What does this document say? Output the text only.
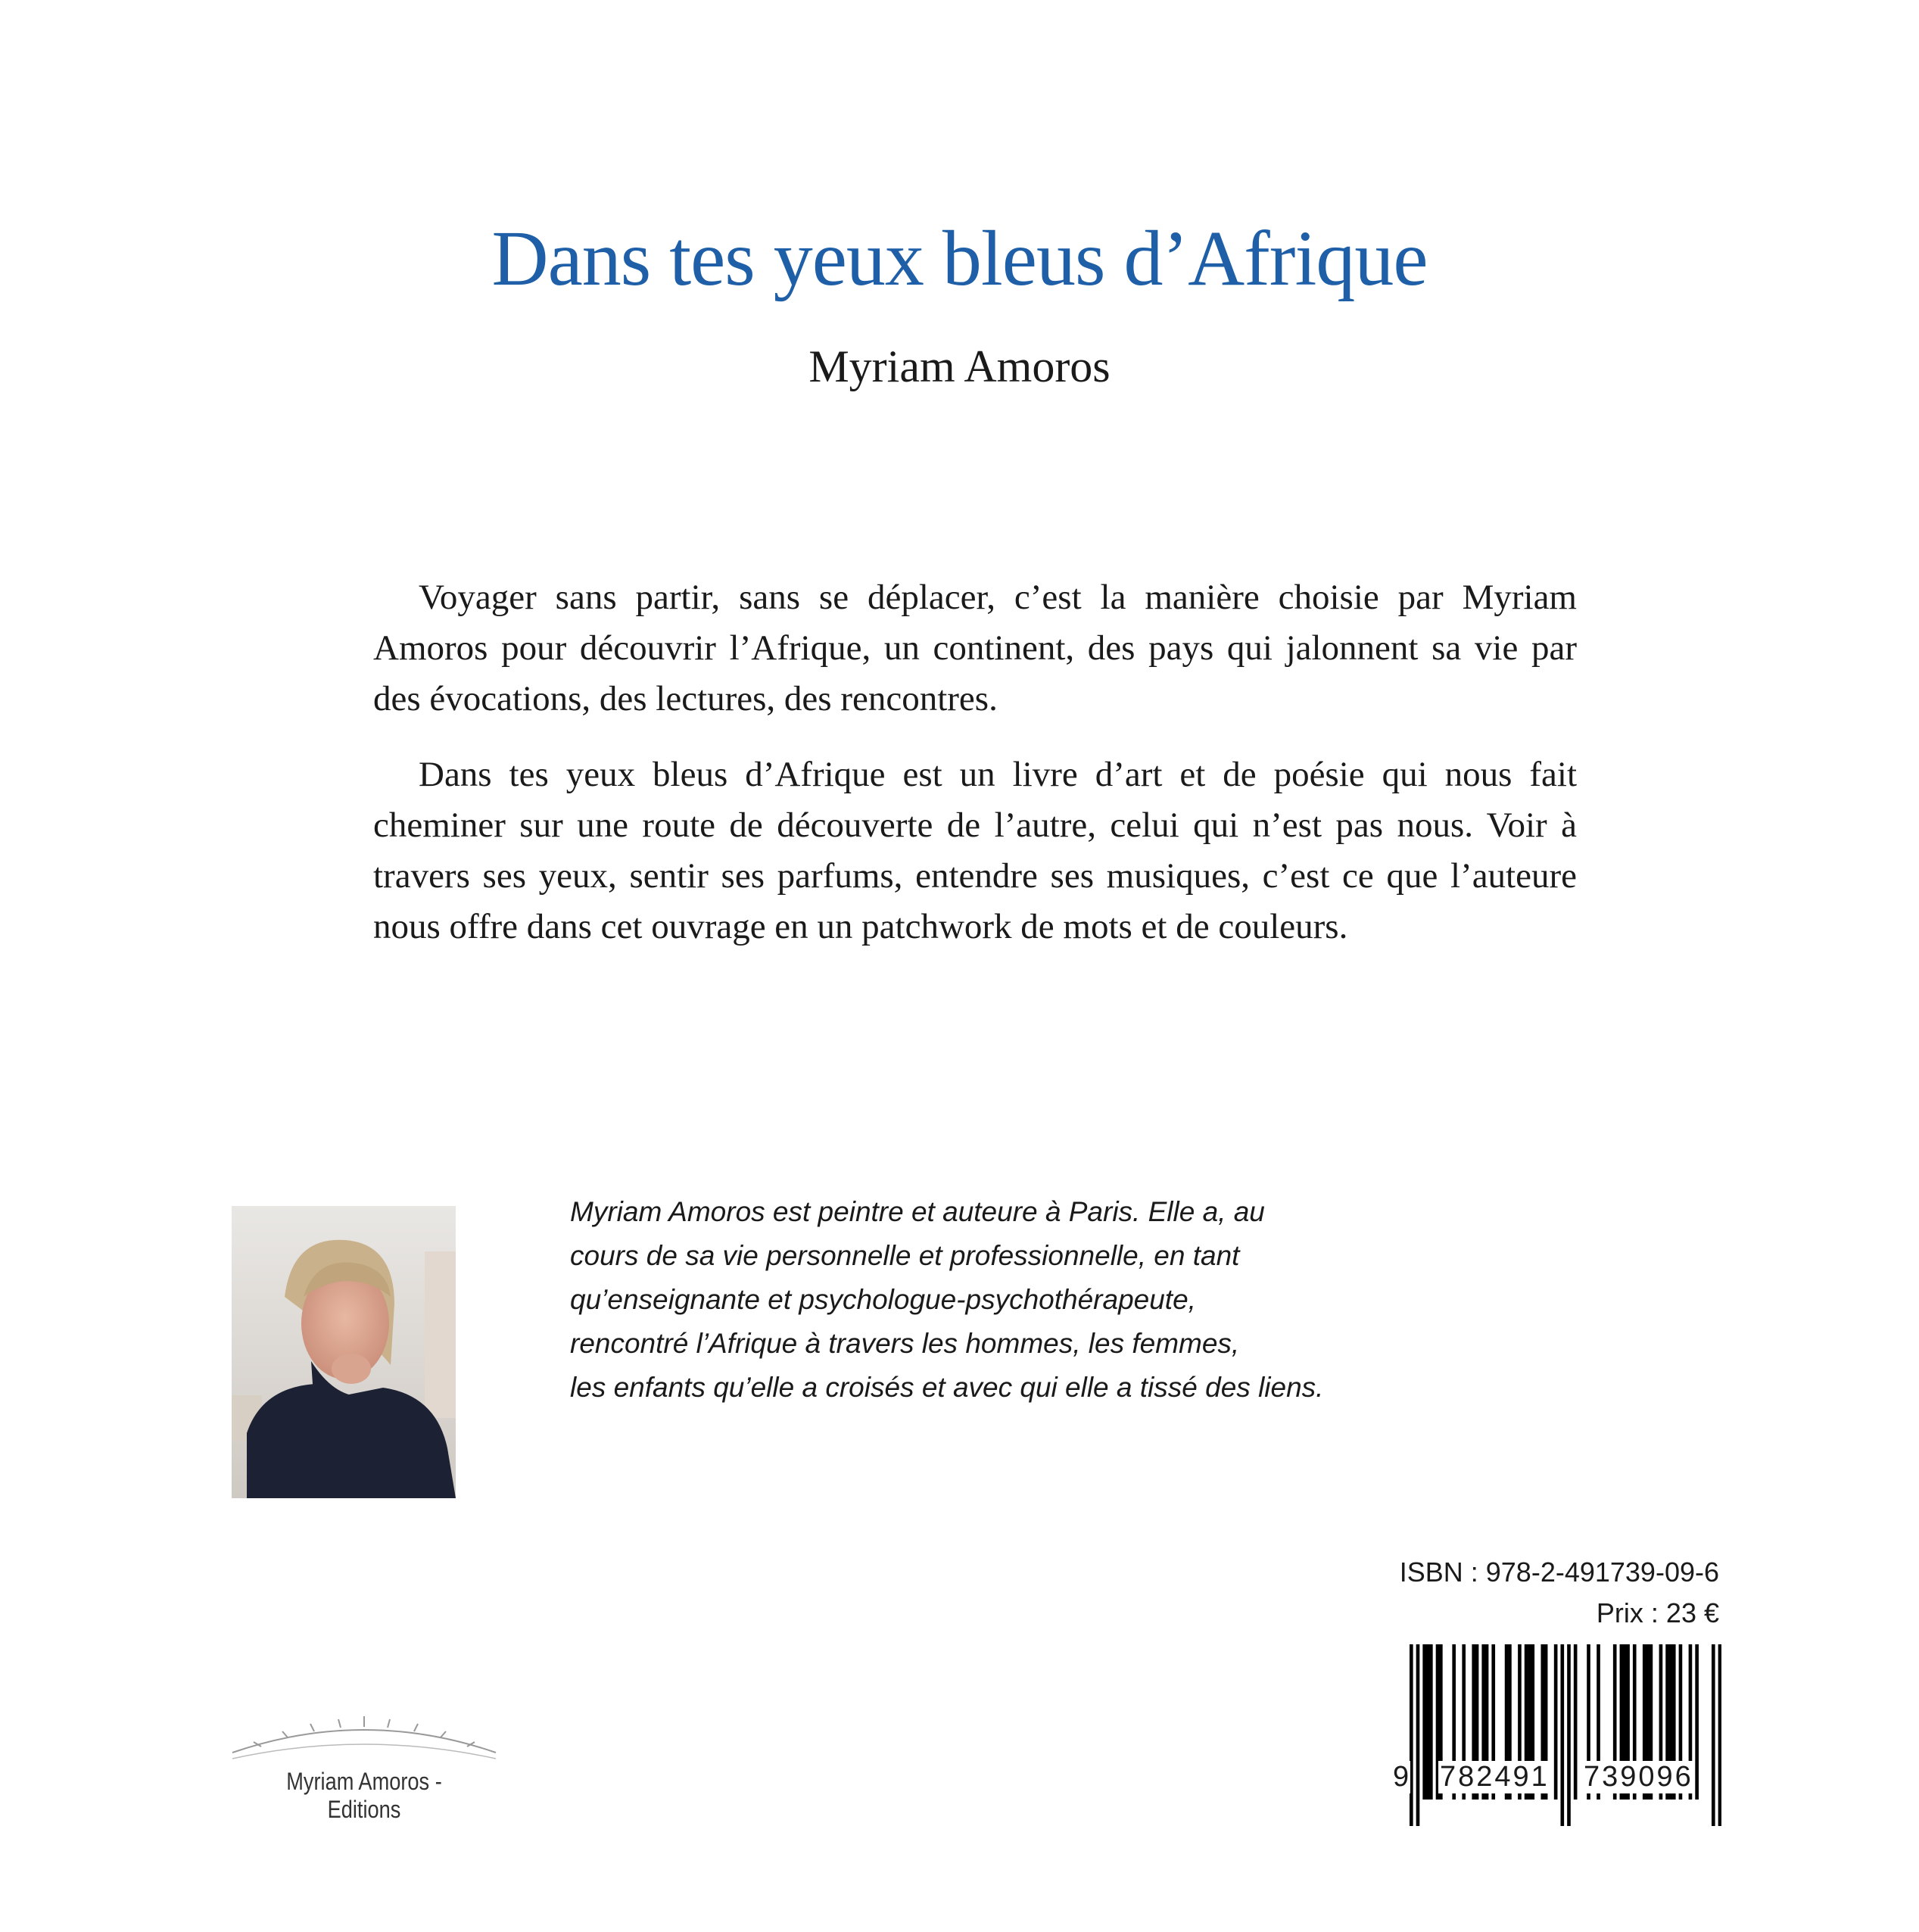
Dans tes yeux bleus d’Afrique
Myriam Amoros

Voyager sans partir, sans se déplacer, c’est la manière choisie par Myriam Amoros pour découvrir l’Afrique, un continent, des pays qui jalonnent sa vie par des évocations, des lectures, des rencontres.

Dans tes yeux bleus d’Afrique est un livre d’art et de poésie qui nous fait cheminer sur une route de découverte de l’autre, celui qui n’est pas nous. Voir à travers ses yeux, sentir ses parfums, entendre ses musiques, c’est ce que l’auteure nous offre dans cet ouvrage en un patchwork de mots et de couleurs.

Myriam Amoros est peintre et auteure à Paris. Elle a, au
cours de sa vie personnelle et professionnelle, en tant
qu’enseignante et psychologue-psychothérapeute,
rencontré l’Afrique à travers les hommes, les femmes,
les enfants qu’elle a croisés et avec qui elle a tissé des liens.
ISBN : 978-2-491739-09-6
Prix : 23 €
9 782491 739096
Myriam Amoros - Editions
